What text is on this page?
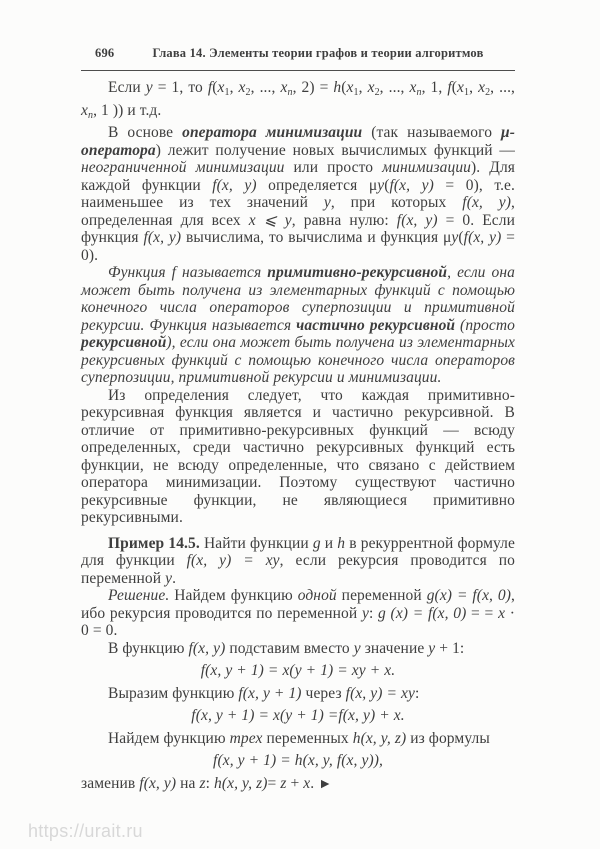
696	Глава 14. Элементы теории графов и теории алгоритмов

Если y = 1, то $f(x_1$, $x_2$, ..., xn, $2) = h(x_1$, $x_2$, ..., xn, 1, $f(x_1$, $x_2$, ..., xn, 1 )) и т.д.

В основе оператора минимизации (так называемого μ-оператора) лежит получение новых вычислимых функций — неограниченной минимизации или просто минимизации). Для каждой функции f(x, y) определяется μy(f(x, y) = 0), т.е. наименьшее из тех значений y, при которых f(x, y), определенная для всех x ⩽ y, равна нулю: f(x, y) = 0. Если функция f(x, y) вычислима, то вычислима и функция μy(f(x, y) = 0).

Функция f называется примитивно-рекурсивной, если она может быть получена из элементарных функций с помощью конечного числа операторов суперпозиции и примитивной рекурсии. Функция называется частично рекурсивной (просто рекурсивной), если она может быть получена из элементарных рекурсивных функций с помощью конечного числа операторов суперпозиции, примитивной рекурсии и минимизации.

Из определения следует, что каждая примитивно-рекурсивная функция является и частично рекурсивной. В отличие от примитивно-рекурсивных функций — всюду определенных, среди частично рекурсивных функций есть функции, не всюду определенные, что связано с действием оператора минимизации. Поэтому существуют частично рекурсивные функции, не являющиеся примитивно рекурсивными.

Пример 14.5. Найти функции g и h в рекуррентной формуле для функции f(x, y) = xy, если рекурсия проводится по переменной y.

Решение. Найдем функцию одной переменной g(x) = f(x, 0), ибо рекурсия проводится по переменной y: g (x) = f(x, 0) = = x · 0 = 0.

В функцию f(x, y) подставим вместо y значение y + 1:

f(x, y + 1) = x(y + 1) = xy + x.

Выразим функцию f(x, y + 1) через f(x, y) = xy:

f(x, y + 1) = x(y + 1) =f(x, y) + x.

Найдем функцию трех переменных h(x, y, z) из формулы

f(x, y + 1) = h(x, y, f(x, y)),

заменив f(x, y) на z: h(x, y, z)= z + x. ►

https://urait.ru
